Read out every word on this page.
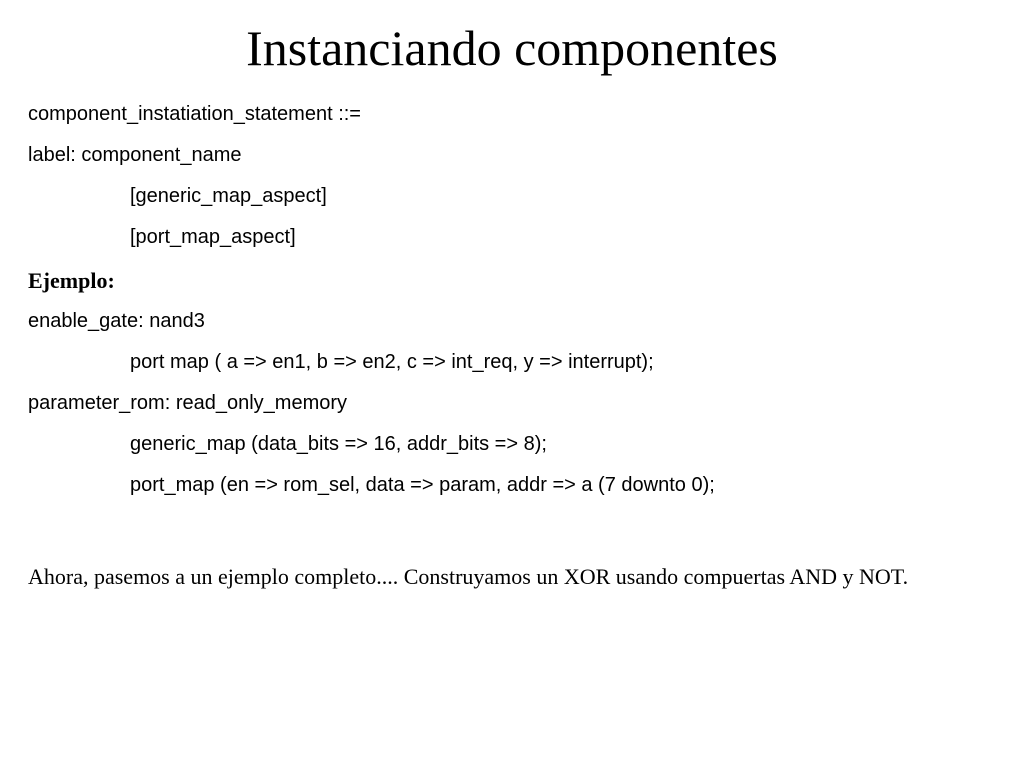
Instanciando componentes
component_instatiation_statement ::=
label: component_name
[generic_map_aspect]
[port_map_aspect]
Ejemplo:
enable_gate: nand3
port map ( a => en1, b => en2, c => int_req, y => interrupt);
parameter_rom: read_only_memory
generic_map (data_bits => 16, addr_bits => 8);
port_map (en => rom_sel, data => param, addr => a (7 downto 0);
Ahora, pasemos a un ejemplo completo.... Construyamos un XOR usando compuertas AND y NOT.
